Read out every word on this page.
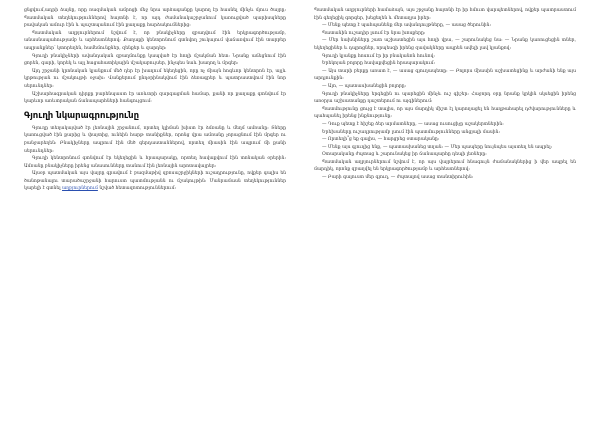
ցնցվում,ադրի ձայնը, որը ռազմական ամրոցի մեջ նրա արձագանքը կարող էր հասնել մինչև մյուս ծայրը: Պատմական տեղեկություններով հայտնի է, որ այդ ժամանակաշրջանում կառուցված պարիսպները բավական ամուր էին և պաշտպանում էին քաղաքը հարձակումներից:

Պատմական աղբյուրներում նշվում է, որ բնակիչները զբաղվում էին երկրագործությամբ, անասնապահությամբ և արհեստներով: Քաղաքի կենտրոնում գտնվող շուկայում վաճառվում էին տարբեր ապրանքներ՝ կտորեղեն, համեմունքներ, զենքեր և զարդեր:

Գյուղի բնակիչների ավանդական զբաղմունքը կապված էր հողի մշակման հետ: Նրանք աճեցնում էին ցորեն, գարի, կորեկ և այլ հացահատիկային մշակաբույսեր, ինչպես նաև խաղող և մրգեր:

Այդ շրջանի կրոնական կյանքում մեծ դեր էր խաղում եկեղեցին, որը ոչ միայն հոգևոր կենտրոն էր, այլև կրթության ու մշակույթի օջախ: Վանքերում ընդօրինակվում էին ձեռագրեր և պատրաստվում էին նոր սերունդներ:

Աշխարհագրական դիրքը բարենպաստ էր առևտրի զարգացման համար, քանի որ քաղաքը գտնվում էր կարևոր առևտրական ճանապարհների հանգույցում:

Գյուղի նկարագրությունը

Գյուղը տեղակայված էր լեռնային շրջանում, որտեղ կլիման խիստ էր ձմռանը և մեղմ ամռանը: Տները կառուցված էին քարից և փայտից, ունեին հարթ տանիքներ, որոնց վրա ամռանը չորացնում էին մրգեր ու բանջարեղեն: Բնակիչները ապրում էին մեծ գերդաստաններով, որտեղ միասին էին ապրում մի քանի սերունդներ:

Գյուղի կենտրոնում գտնվում էր եկեղեցին և հրապարակը, որտեղ հավաքվում էին տոնական օրերին: Ամռանը բնակիչները իրենց անասունները տանում էին լեռնային արոտավայրեր:

Այսօր պատմական այս վայրը գրավում է բազմաթիվ զբոսաշրջիկների ուշադրությունը, ովքեր գալիս են ծանոթանալու տարածաշրջանի հարուստ պատմությանն ու մշակույթին: Մանրամասն տեղեկություններ կարելի է գտնել աղբյուրներում նշված հետազոտություններում:

Պատմական աղբյուրների համաձայն, այս շրջանը հայտնի էր իր հմուտ վարպետներով, ովքեր պատրաստում էին գեղեցիկ գորգեր, խեցեղեն և մետաղյա իրեր:

— Մենք պետք է պահպանենք մեր ավանդույթները, — ասաց ծերունին:

Պատանին ուշադիր լսում էր նրա խոսքերը:

— Մեր նախնիները շատ աշխատեցին այս հողի վրա, — շարունակեց նա: — Նրանք կառուցեցին տներ, եկեղեցիներ և դպրոցներ, որպեսզի իրենց զավակները ապրեն ավելի լավ կյանքով:

Գյուղի կյանքը հոսում էր իր բնականոն հունով:

Երեկոյան բոլորը հավաքվեցին հրապարակում:

— Այս տարի բերքը առատ է, — ասաց գյուղապետը: — Բոլորս միասին աշխատեցինք և արժանի ենք այս արդյունքին:

— Այո, — պատասխանեցին բոլորը:

Գյուղի բնակիչները երգեցին ու պարեցին մինչև ուշ գիշեր: Հաջորդ օրը նրանք կրկին սկսեցին իրենց առօրյա աշխատանքը դաշտերում ու այգիներում:

Պատմությունը ցույց է տալիս, որ այս մարդիկ միշտ էլ կարողացել են հաղթահարել դժվարությունները և պահպանել իրենց ինքնությունը:

— Դուք պետք է հիշեք ձեր արմատները, — ասաց ուսուցիչը աշակերտներին:

Երեխաները ուշադրությամբ լսում էին պատմությունները անցյալի մասին:

— Որտեղի՞ց եք գալիս, — հարցրեց օտարականը:

— Մենք այս գյուղից ենք, — պատասխանեց տղան: — Մեր պապերը նույնպես այստեղ են ապրել:

Օտարականը ժպտաց և շարունակեց իր ճանապարհը դեպի լեռները:

Պատմական աղբյուրներում նշվում է, որ այս վայրերում հնագույն ժամանակներից ի վեր ապրել են մարդիկ, որոնք զբաղվել են երկրագործությամբ և արհեստներով:

— Բարի գալուստ մեր գյուղ, — ժպտալով ասաց տանտիրուհին:
